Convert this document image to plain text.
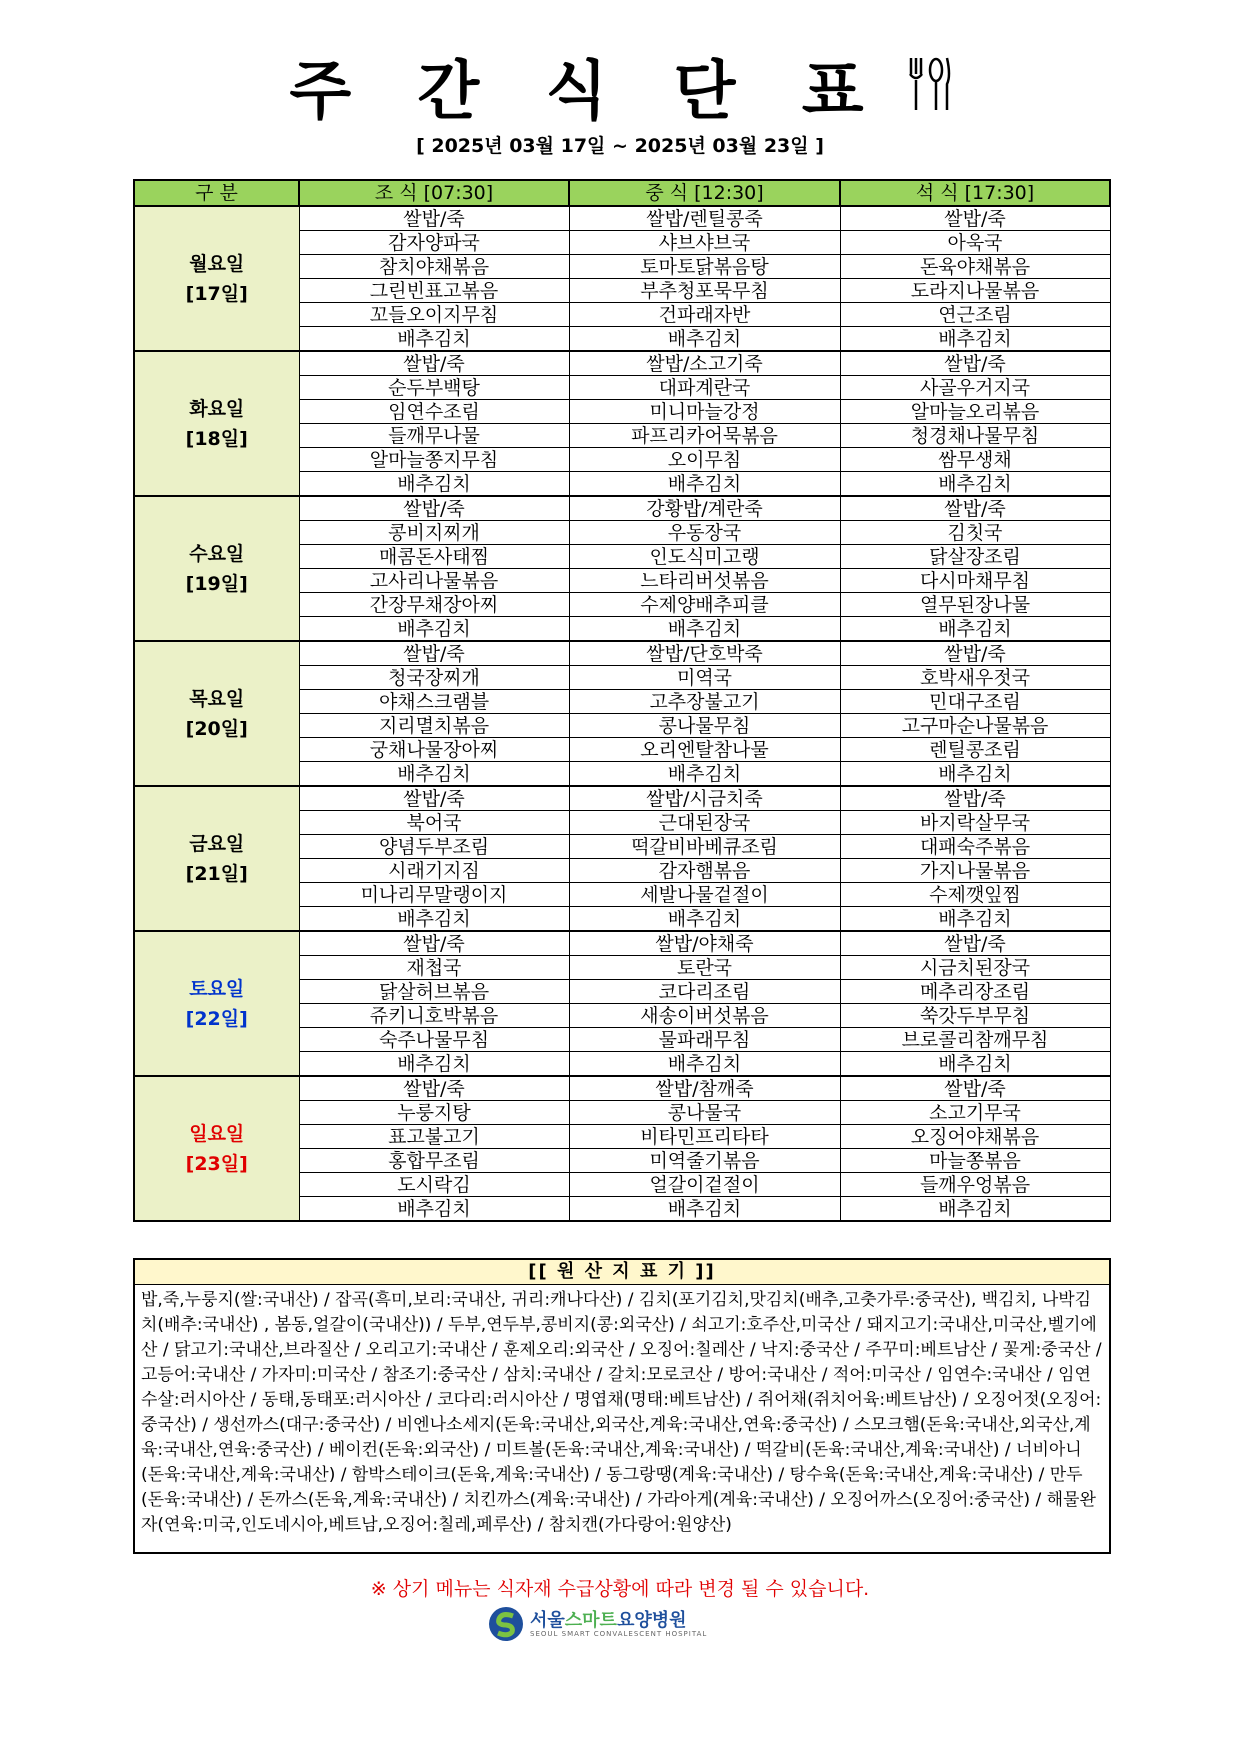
주 간 식 단 표
[ 2025년 03월 17일 ~ 2025년 03월 23일 ]
구 분	조 식 [07:30]	중 식 [12:30]	석 식 [17:30]

월요일
[17일]	쌀밥/죽	쌀밥/렌틸콩죽	쌀밥/죽
	감자양파국	샤브샤브국	아욱국
	참치야채볶음	토마토닭볶음탕	돈육야채볶음
	그린빈표고볶음	부추청포묵무침	도라지나물볶음
	꼬들오이지무침	건파래자반	연근조림
	배추김치	배추김치	배추김치

화요일
[18일]	쌀밥/죽	쌀밥/소고기죽	쌀밥/죽
	순두부백탕	대파계란국	사골우거지국
	임연수조림	미니마늘강정	알마늘오리볶음
	들깨무나물	파프리카어묵볶음	청경채나물무침
	알마늘쫑지무침	오이무침	쌈무생채
	배추김치	배추김치	배추김치

수요일
[19일]	쌀밥/죽	강황밥/계란죽	쌀밥/죽
	콩비지찌개	우동장국	김칫국
	매콤돈사태찜	인도식미고랭	닭살장조림
	고사리나물볶음	느타리버섯볶음	다시마채무침
	간장무채장아찌	수제양배추피클	열무된장나물
	배추김치	배추김치	배추김치

목요일
[20일]	쌀밥/죽	쌀밥/단호박죽	쌀밥/죽
	청국장찌개	미역국	호박새우젓국
	야채스크램블	고추장불고기	민대구조림
	지리멸치볶음	콩나물무침	고구마순나물볶음
	궁채나물장아찌	오리엔탈참나물	렌틸콩조림
	배추김치	배추김치	배추김치

금요일
[21일]	쌀밥/죽	쌀밥/시금치죽	쌀밥/죽
	북어국	근대된장국	바지락살무국
	양념두부조림	떡갈비바베큐조림	대패숙주볶음
	시래기지짐	감자햄볶음	가지나물볶음
	미나리무말랭이지	세발나물겉절이	수제깻잎찜
	배추김치	배추김치	배추김치

토요일
[22일]	쌀밥/죽	쌀밥/야채죽	쌀밥/죽
	재첩국	토란국	시금치된장국
	닭살허브볶음	코다리조림	메추리장조림
	쥬키니호박볶음	새송이버섯볶음	쑥갓두부무침
	숙주나물무침	물파래무침	브로콜리참깨무침
	배추김치	배추김치	배추김치

일요일
[23일]	쌀밥/죽	쌀밥/참깨죽	쌀밥/죽
	누룽지탕	콩나물국	소고기무국
	표고불고기	비타민프리타타	오징어야채볶음
	홍합무조림	미역줄기볶음	마늘쫑볶음
	도시락김	얼갈이겉절이	들깨우엉볶음
	배추김치	배추김치	배추김치
[[ 원 산 지 표 기 ]]
밥,죽,누룽지(쌀:국내산) / 잡곡(흑미,보리:국내산, 귀리:캐나다산) / 김치(포기김치,맛김치(배추,고춧가루:중국산), 백김치, 나박김치(배추:국내산) , 봄동,얼갈이(국내산)) / 두부,연두부,콩비지(콩:외국산) / 쇠고기:호주산,미국산 / 돼지고기:국내산,미국산,벨기에산 / 닭고기:국내산,브라질산 / 오리고기:국내산 / 훈제오리:외국산 / 오징어:칠레산 / 낙지:중국산 / 주꾸미:베트남산 / 꽃게:중국산 / 고등어:국내산 / 가자미:미국산 / 참조기:중국산 / 삼치:국내산 / 갈치:모로코산 / 방어:국내산 / 적어:미국산 / 임연수:국내산 / 임연수살:러시아산 / 동태,동태포:러시아산 / 코다리:러시아산 / 명엽채(명태:베트남산) / 쥐어채(쥐치어육:베트남산) / 오징어젓(오징어:중국산) / 생선까스(대구:중국산) / 비엔나소세지(돈육:국내산,외국산,계육:국내산,연육:중국산) / 스모크햄(돈육:국내산,외국산,계육:국내산,연육:중국산) / 베이컨(돈육:외국산) / 미트볼(돈육:국내산,계육:국내산) / 떡갈비(돈육:국내산,계육:국내산) / 너비아니(돈육:국내산,계육:국내산) / 함박스테이크(돈육,계육:국내산) / 동그랑땡(계육:국내산) / 탕수육(돈육:국내산,계육:국내산) / 만두(돈육:국내산) / 돈까스(돈육,계육:국내산) / 치킨까스(계육:국내산) / 가라아게(계육:국내산) / 오징어까스(오징어:중국산) / 해물완자(연육:미국,인도네시아,베트남,오징어:칠레,페루산) / 참치캔(가다랑어:원양산)
※ 상기 메뉴는 식자재 수급상황에 따라 변경 될 수 있습니다.
서울스마트요양병원
SEOUL SMART CONVALESCENT HOSPITAL
